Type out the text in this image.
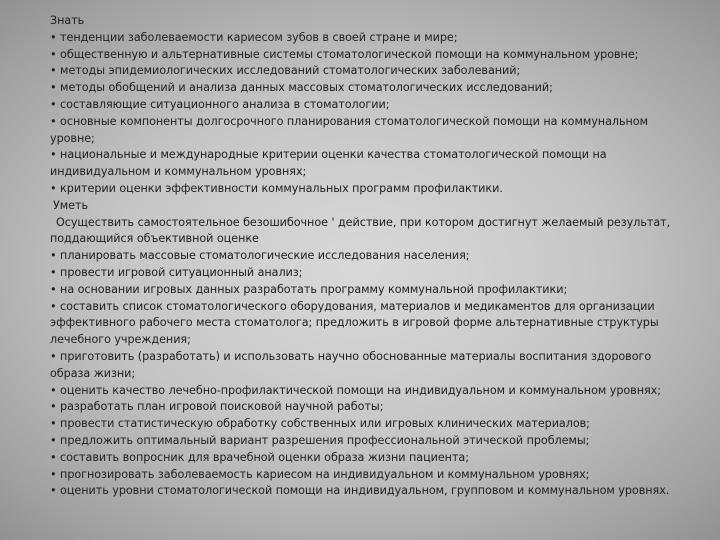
Знать
• тенденции заболеваемости кариесом зубов в своей стране и мире;
• общественную и альтернативные системы стоматологической помощи на коммунальном уровне;
• методы эпидемиологических исследований стоматологических заболеваний;
• методы обобщений и анализа данных массовых стоматологических исследований;
• составляющие ситуационного анализа в стоматологии;
• основные компоненты долгосрочного планирования стоматологической помощи на коммунальном
уровне;
• национальные и международные критерии оценки качества стоматологической помощи на
индивидуальном и коммунальном уровнях;
• критерии оценки эффективности коммунальных программ профилактики.
Уметь
Осуществить самостоятельное безошибочное ' действие, при котором достигнут желаемый результат,
поддающийся объективной оценке
• планировать массовые стоматологические исследования населения;
• провести игровой ситуационный анализ;
• на основании игровых данных разработать программу коммунальной профилактики;
• составить список стоматологического оборудования, материалов и медикаментов для организации
эффективного рабочего места стоматолога; предложить в игровой форме альтернативные структуры
лечебного учреждения;
• приготовить (разработать) и использовать научно обоснованные материалы воспитания здорового
образа жизни;
• оценить качество лечебно-профилактической помощи на индивидуальном и коммунальном уровнях;
• разработать план игровой поисковой научной работы;
• провести статистическую обработку собственных или игровых клинических материалов;
• предложить оптимальный вариант разрешения профессиональной этической проблемы;
• составить вопросник для врачебной оценки образа жизни пациента;
• прогнозировать заболеваемость кариесом на индивидуальном и коммунальном уровнях;
• оценить уровни стоматологической помощи на индивидуальном, групповом и коммунальном уровнях.
